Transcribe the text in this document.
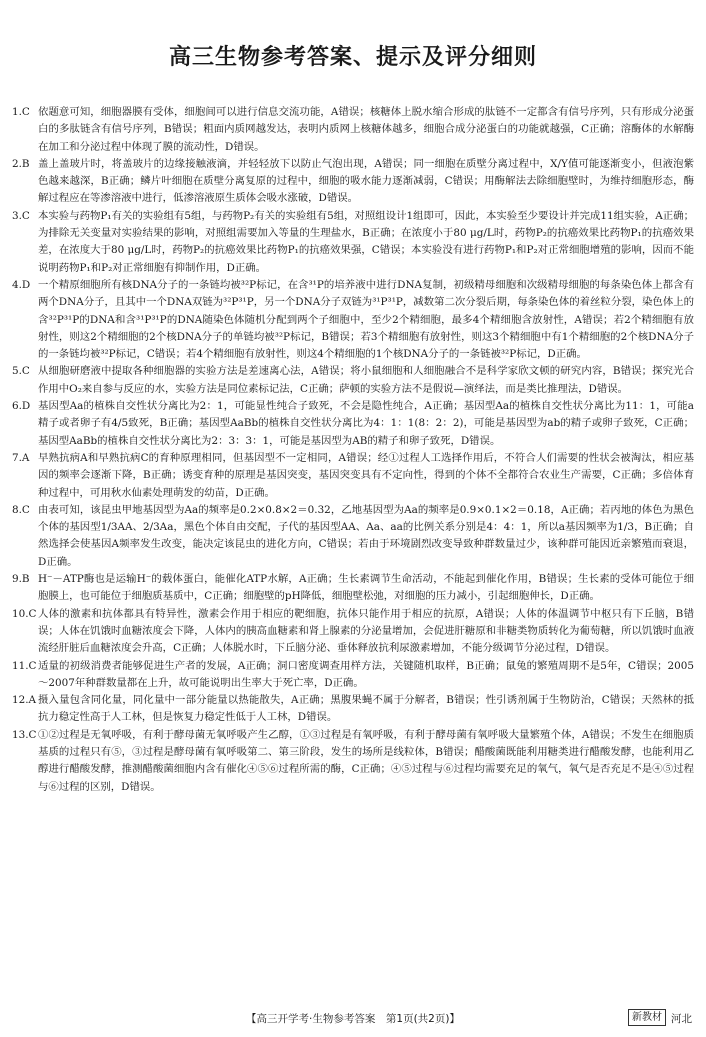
高三生物参考答案、提示及评分细则
1.C 依题意可知，细胞器膜有受体，细胞间可以进行信息交流功能，A错误；核糖体上脱水缩合形成的肽链不一定都含有信号序列，只有形成分泌蛋白的多肽链含有信号序列，B错误；粗面内质网越发达，表明内质网上核糖体越多，细胞合成分泌蛋白的功能就越强，C正确；溶酶体的水解酶在加工和分泌过程中体现了膜的流动性，D错误。
2.B 盖上盖玻片时，将盖玻片的边缘接触液滴，并轻轻放下以防止气泡出现，A错误；同一细胞在质壁分离过程中，X/Y值可能逐渐变小，但液泡紫色越来越深，B正确；鳞片叶细胞在质壁分离复原的过程中，细胞的吸水能力逐渐减弱，C错误；用酶解法去除细胞壁时，为维持细胞形态，酶解过程应在等渗溶液中进行，低渗溶液原生质体会吸水涨破，D错误。
3.C 本实验与药物P₁有关的实验组有5组，与药物P₂有关的实验组有5组，对照组设计1组即可，因此，本实验至少要设计并完成11组实验，A正确；为排除无关变量对实验结果的影响，对照组需要加入等量的生理盐水，B正确；在浓度小于80 μg/L时，药物P₂的抗癌效果比药物P₁的抗癌效果差，在浓度大于80 μg/L时，药物P₂的抗癌效果比药物P₁的抗癌效果强，C错误；本实验没有进行药物P₁和P₂对正常细胞增殖的影响，因而不能说明药物P₁和P₂对正常细胞有抑制作用，D正确。
4.D 一个精原细胞所有核DNA分子的一条链均被³²P标记，在含³¹P的培养液中进行DNA复制，初级精母细胞和次级精母细胞的每条染色体上都含有两个DNA分子，且其中一个DNA双链为³²P³¹P，另一个DNA分子双链为³¹P³¹P，减数第二次分裂后期，每条染色体的着丝粒分裂，染色体上的含³²P³¹P的DNA和含³¹P³¹P的DNA随染色体随机分配到两个子细胞中，至少2个精细胞，最多4个精细胞含放射性，A错误；若2个精细胞有放射性，则这2个精细胞的2个核DNA分子的单链均被³²P标记，B错误；若3个精细胞有放射性，则这3个精细胞中有1个精细胞的2个核DNA分子的一条链均被³²P标记，C错误；若4个精细胞有放射性，则这4个精细胞的1个核DNA分子的一条链被³²P标记，D正确。
5.C 从细胞研磨液中提取各种细胞器的实验方法是差速离心法，A错误；将小鼠细胞和人细胞融合不是科学家欣文顿的研究内容，B错误；探究光合作用中O₂来自参与反应的水，实验方法是同位素标记法，C正确；萨顿的实验方法不是假说—演绎法，而是类比推理法，D错误。
6.D 基因型Aa的植株自交性状分离比为2：1，可能显性纯合子致死，不会是隐性纯合，A正确；基因型Aa的植株自交性状分离比为11：1，可能a精子或者卵子有4/5致死，B正确；基因型AaBb的植株自交性状分离比为4：1：1(8：2：2)，可能是基因型为ab的精子或卵子致死，C正确；基因型AaBb的植株自交性状分离比为2：3：3：1，可能是基因型为AB的精子和卵子致死，D错误。
7.A 早熟抗病A和早熟抗病C的育种原理相同，但基因型不一定相同，A错误；经①过程人工选择作用后，不符合人们需要的性状会被淘汰，相应基因的频率会逐渐下降，B正确；诱变育种的原理是基因突变，基因突变具有不定向性，得到的个体不全都符合农业生产需要，C正确；多倍体育种过程中，可用秋水仙素处理萌发的幼苗，D正确。
8.C 由表可知，该昆虫甲地基因型为Aa的频率是0.2×0.8×2＝0.32，乙地基因型为Aa的频率是0.9×0.1×2＝0.18，A正确；若丙地的体色为黑色个体的基因型1/3AA、2/3Aa，黑色个体自由交配，子代的基因型AA、Aa、aa的比例关系分别是4：4：1，所以a基因频率为1/3，B正确；自然选择会使基因A频率发生改变，能决定该昆虫的进化方向，C错误；若由于环境剧烈改变导致种群数量过少，该种群可能因近亲繁殖而衰退，D正确。
9.B H⁻－ATP酶也是运输H⁻的载体蛋白，能催化ATP水解，A正确；生长素调节生命活动，不能起到催化作用，B错误；生长素的受体可能位于细胞膜上，也可能位于细胞质基质中，C正确；细胞壁的pH降低，细胞壁松弛，对细胞的压力减小，引起细胞伸长，D正确。
10.C 人体的激素和抗体都具有特异性，激素会作用于相应的靶细胞，抗体只能作用于相应的抗原，A错误；人体的体温调节中枢只有下丘脑，B错误；人体在饥饿时血糖浓度会下降，人体内的胰高血糖素和肾上腺素的分泌量增加，会促进肝糖原和非糖类物质转化为葡萄糖，所以饥饿时血液流经肝脏后血糖浓度会升高，C正确；人体脱水时，下丘脑分泌、垂体释放抗利尿激素增加，不能分级调节分泌过程，D错误。
11.C 适量的初级消费者能够促进生产者的发展，A正确；洞口密度调查用样方法，关键随机取样，B正确；鼠兔的繁殖周期不是5年，C错误；2005～2007年种群数量都在上升，故可能说明出生率大于死亡率，D正确。
12.A 摄入量包含同化量，同化量中一部分能量以热能散失，A正确；黑腹果蝇不属于分解者，B错误；性引诱剂属于生物防治，C错误；天然林的抵抗力稳定性高于人工林，但是恢复力稳定性低于人工林，D错误。
13.C ①②过程是无氧呼吸，有利于酵母菌无氧呼吸产生乙醇，①③过程是有氧呼吸，有利于酵母菌有氧呼吸大量繁殖个体，A错误；不发生在细胞质基质的过程只有⑤，③过程是酵母菌有氧呼吸第二、第三阶段，发生的场所是线粒体，B错误；醋酸菌既能利用糖类进行醋酸发酵，也能利用乙醇进行醋酸发酵，推测醋酸菌细胞内含有催化④⑤⑥过程所需的酶，C正确；④⑤过程与⑥过程均需要充足的氧气，氧气是否充足不是④⑤过程与⑥过程的区别，D错误。
【高三开学考·生物参考答案　第1页(共2页)】	新教材 河北
